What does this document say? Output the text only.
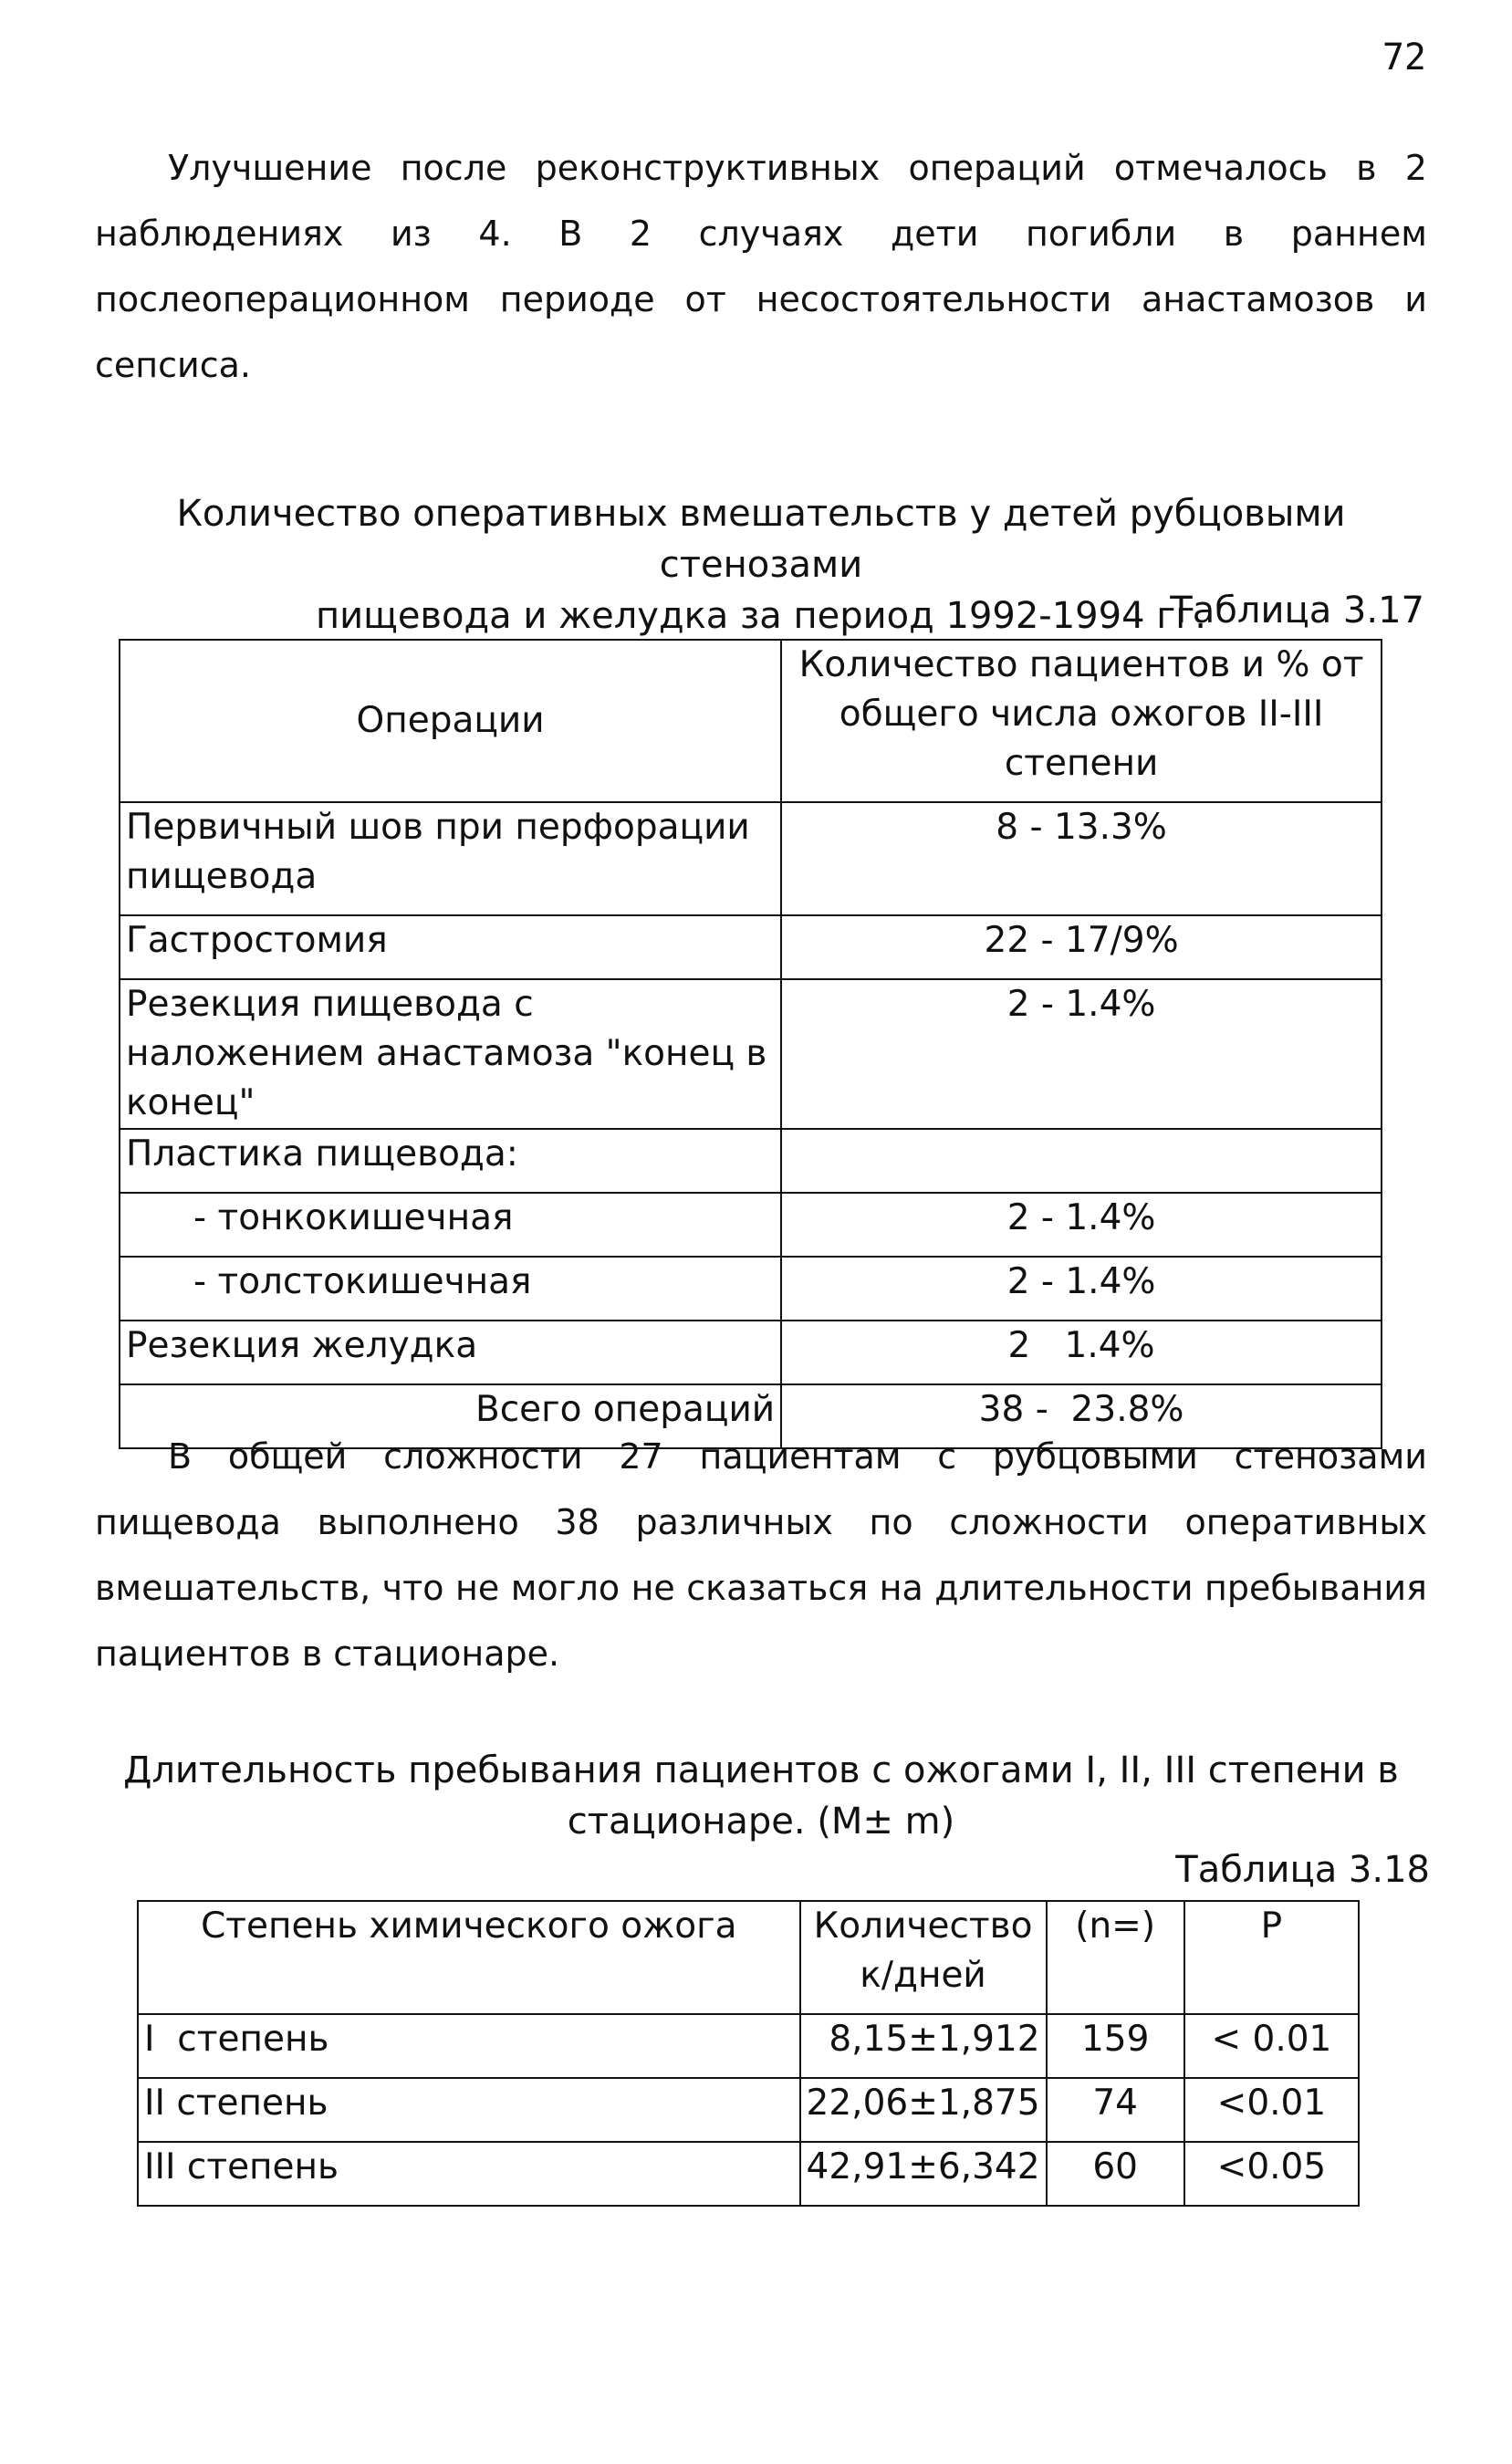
72
Улучшение после реконструктивных операций отмечалось в 2
наблюдениях из 4. В 2 случаях дети погибли в раннем
послеоперационном периоде от несостоятельности анастамозов и
сепсиса.
Количество оперативных вмешательств у детей рубцовыми стенозами
пищевода и желудка за период 1992-1994 гг.
Таблица 3.17
Операции	Количество пациентов и % от общего числа ожогов II-III степени
Первичный шов при перфорации пищевода	8 - 13.3%
Гастростомия	22 - 17/9%
Резекция пищевода с наложением анастамоза "конец в конец"	2 - 1.4%
Пластика пищевода:	
- тонкокишечная	2 - 1.4%
- толстокишечная	2 - 1.4%
Резекция желудка	2   1.4%
Всего операций	38 -  23.8%
В общей сложности 27 пациентам с рубцовыми стенозами
пищевода выполнено 38 различных по сложности оперативных
вмешательств, что не могло не сказаться на длительности пребывания
пациентов в стационаре.
Длительность пребывания пациентов с ожогами I, II, III степени в
стационаре. (M± m)
Таблица 3.18
Степень химического ожога	Количество к/дней	(n=)	P
I  степень	8,15±1,912	159	< 0.01
II степень	22,06±1,875	74	<0.01
III степень	42,91±6,342	60	<0.05
